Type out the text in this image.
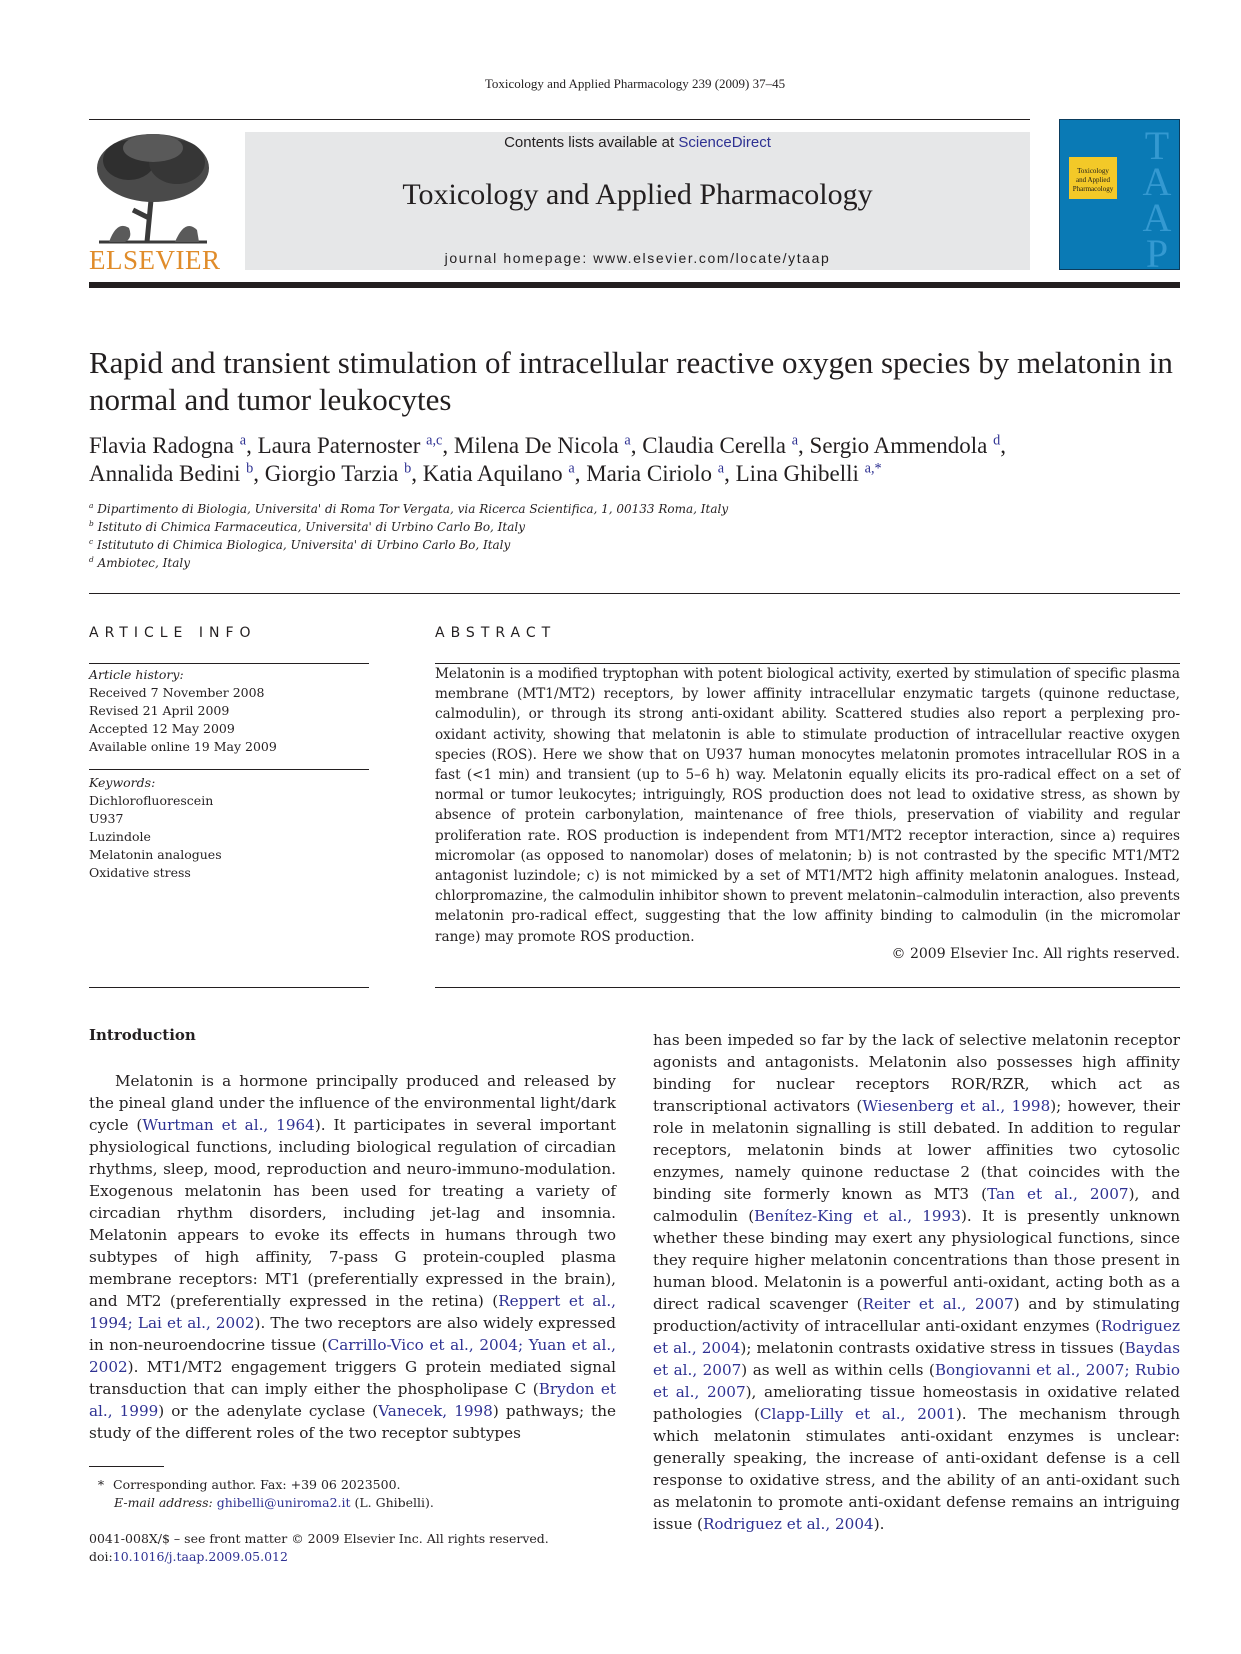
Toxicology and Applied Pharmacology 239 (2009) 37–45
ELSEVIER
Contents lists available at ScienceDirect
Toxicology and Applied Pharmacology
journal homepage: www.elsevier.com/locate/ytaap
Toxicology
and Applied
Pharmacology
T
A
A
P
Rapid and transient stimulation of intracellular reactive oxygen species by melatonin in normal and tumor leukocytes
Flavia Radogna $^a$, Laura Paternoster $^{a,c}$, Milena De Nicola $^a$, Claudia Cerella $^a$, Sergio Ammendola $^d$,
Annalida Bedini $^b$, Giorgio Tarzia $^b$, Katia Aquilano $^a$, Maria Ciriolo $^a$, Lina Ghibelli $^{a,*}$
$^a$ Dipartimento di Biologia, Universita' di Roma Tor Vergata, via Ricerca Scientifica, 1, 00133 Roma, Italy
$^b$ Istituto di Chimica Farmaceutica, Universita' di Urbino Carlo Bo, Italy
$^c$ Istitututo di Chimica Biologica, Universita' di Urbino Carlo Bo, Italy
$^d$ Ambiotec, Italy
ARTICLE INFO
Article history:
Received 7 November 2008
Revised 21 April 2009
Accepted 12 May 2009
Available online 19 May 2009
Keywords:
Dichlorofluorescein
U937
Luzindole
Melatonin analogues
Oxidative stress
ABSTRACT

Melatonin is a modified tryptophan with potent biological activity, exerted by stimulation of specific plasma membrane (MT1/MT2) receptors, by lower affinity intracellular enzymatic targets (quinone reductase, calmodulin), or through its strong anti-oxidant ability. Scattered studies also report a perplexing pro-oxidant activity, showing that melatonin is able to stimulate production of intracellular reactive oxygen species (ROS). Here we show that on U937 human monocytes melatonin promotes intracellular ROS in a fast (<1 min) and transient (up to 5–6 h) way. Melatonin equally elicits its pro-radical effect on a set of normal or tumor leukocytes; intriguingly, ROS production does not lead to oxidative stress, as shown by absence of protein carbonylation, maintenance of free thiols, preservation of viability and regular proliferation rate. ROS production is independent from MT1/MT2 receptor interaction, since a) requires micromolar (as opposed to nanomolar) doses of melatonin; b) is not contrasted by the specific MT1/MT2 antagonist luzindole; c) is not mimicked by a set of MT1/MT2 high affinity melatonin analogues. Instead, chlorpromazine, the calmodulin inhibitor shown to prevent melatonin–calmodulin interaction, also prevents melatonin pro-radical effect, suggesting that the low affinity binding to calmodulin (in the micromolar range) may promote ROS production.

© 2009 Elsevier Inc. All rights reserved.
Introduction

Melatonin is a hormone principally produced and released by the pineal gland under the influence of the environmental light/dark cycle (Wurtman et al., 1964). It participates in several important physiological functions, including biological regulation of circadian rhythms, sleep, mood, reproduction and neuro-immuno-modulation. Exogenous melatonin has been used for treating a variety of circadian rhythm disorders, including jet-lag and insomnia. Melatonin appears to evoke its effects in humans through two subtypes of high affinity, 7-pass G protein-coupled plasma membrane receptors: MT1 (preferentially expressed in the brain), and MT2 (preferentially expressed in the retina) (Reppert et al., 1994; Lai et al., 2002). The two receptors are also widely expressed in non-neuroendocrine tissue (Carrillo-Vico et al., 2004; Yuan et al., 2002). MT1/MT2 engagement triggers G protein mediated signal transduction that can imply either the phospholipase C (Brydon et al., 1999) or the adenylate cyclase (Vanecek, 1998) pathways; the study of the different roles of the two receptor subtypes

has been impeded so far by the lack of selective melatonin receptor agonists and antagonists. Melatonin also possesses high affinity binding for nuclear receptors ROR/RZR, which act as transcriptional activators (Wiesenberg et al., 1998); however, their role in melatonin signalling is still debated. In addition to regular receptors, melatonin binds at lower affinities two cytosolic enzymes, namely quinone reductase 2 (that coincides with the binding site formerly known as MT3 (Tan et al., 2007), and calmodulin (Benítez-King et al., 1993). It is presently unknown whether these binding may exert any physiological functions, since they require higher melatonin concentrations than those present in human blood. Melatonin is a powerful anti-oxidant, acting both as a direct radical scavenger (Reiter et al., 2007) and by stimulating production/activity of intracellular anti-oxidant enzymes (Rodriguez et al., 2004); melatonin contrasts oxidative stress in tissues (Baydas et al., 2007) as well as within cells (Bongiovanni et al., 2007; Rubio et al., 2007), ameliorating tissue homeostasis in oxidative related pathologies (Clapp-Lilly et al., 2001). The mechanism through which melatonin stimulates anti-oxidant enzymes is unclear: generally speaking, the increase of anti-oxidant defense is a cell response to oxidative stress, and the ability of an anti-oxidant such as melatonin to promote anti-oxidant defense remains an intriguing issue (Rodriguez et al., 2004).

* Corresponding author. Fax: +39 06 2023500.
E-mail address: ghibelli@uniroma2.it (L. Ghibelli).
0041-008X/$ – see front matter © 2009 Elsevier Inc. All rights reserved.
doi:10.1016/j.taap.2009.05.012
